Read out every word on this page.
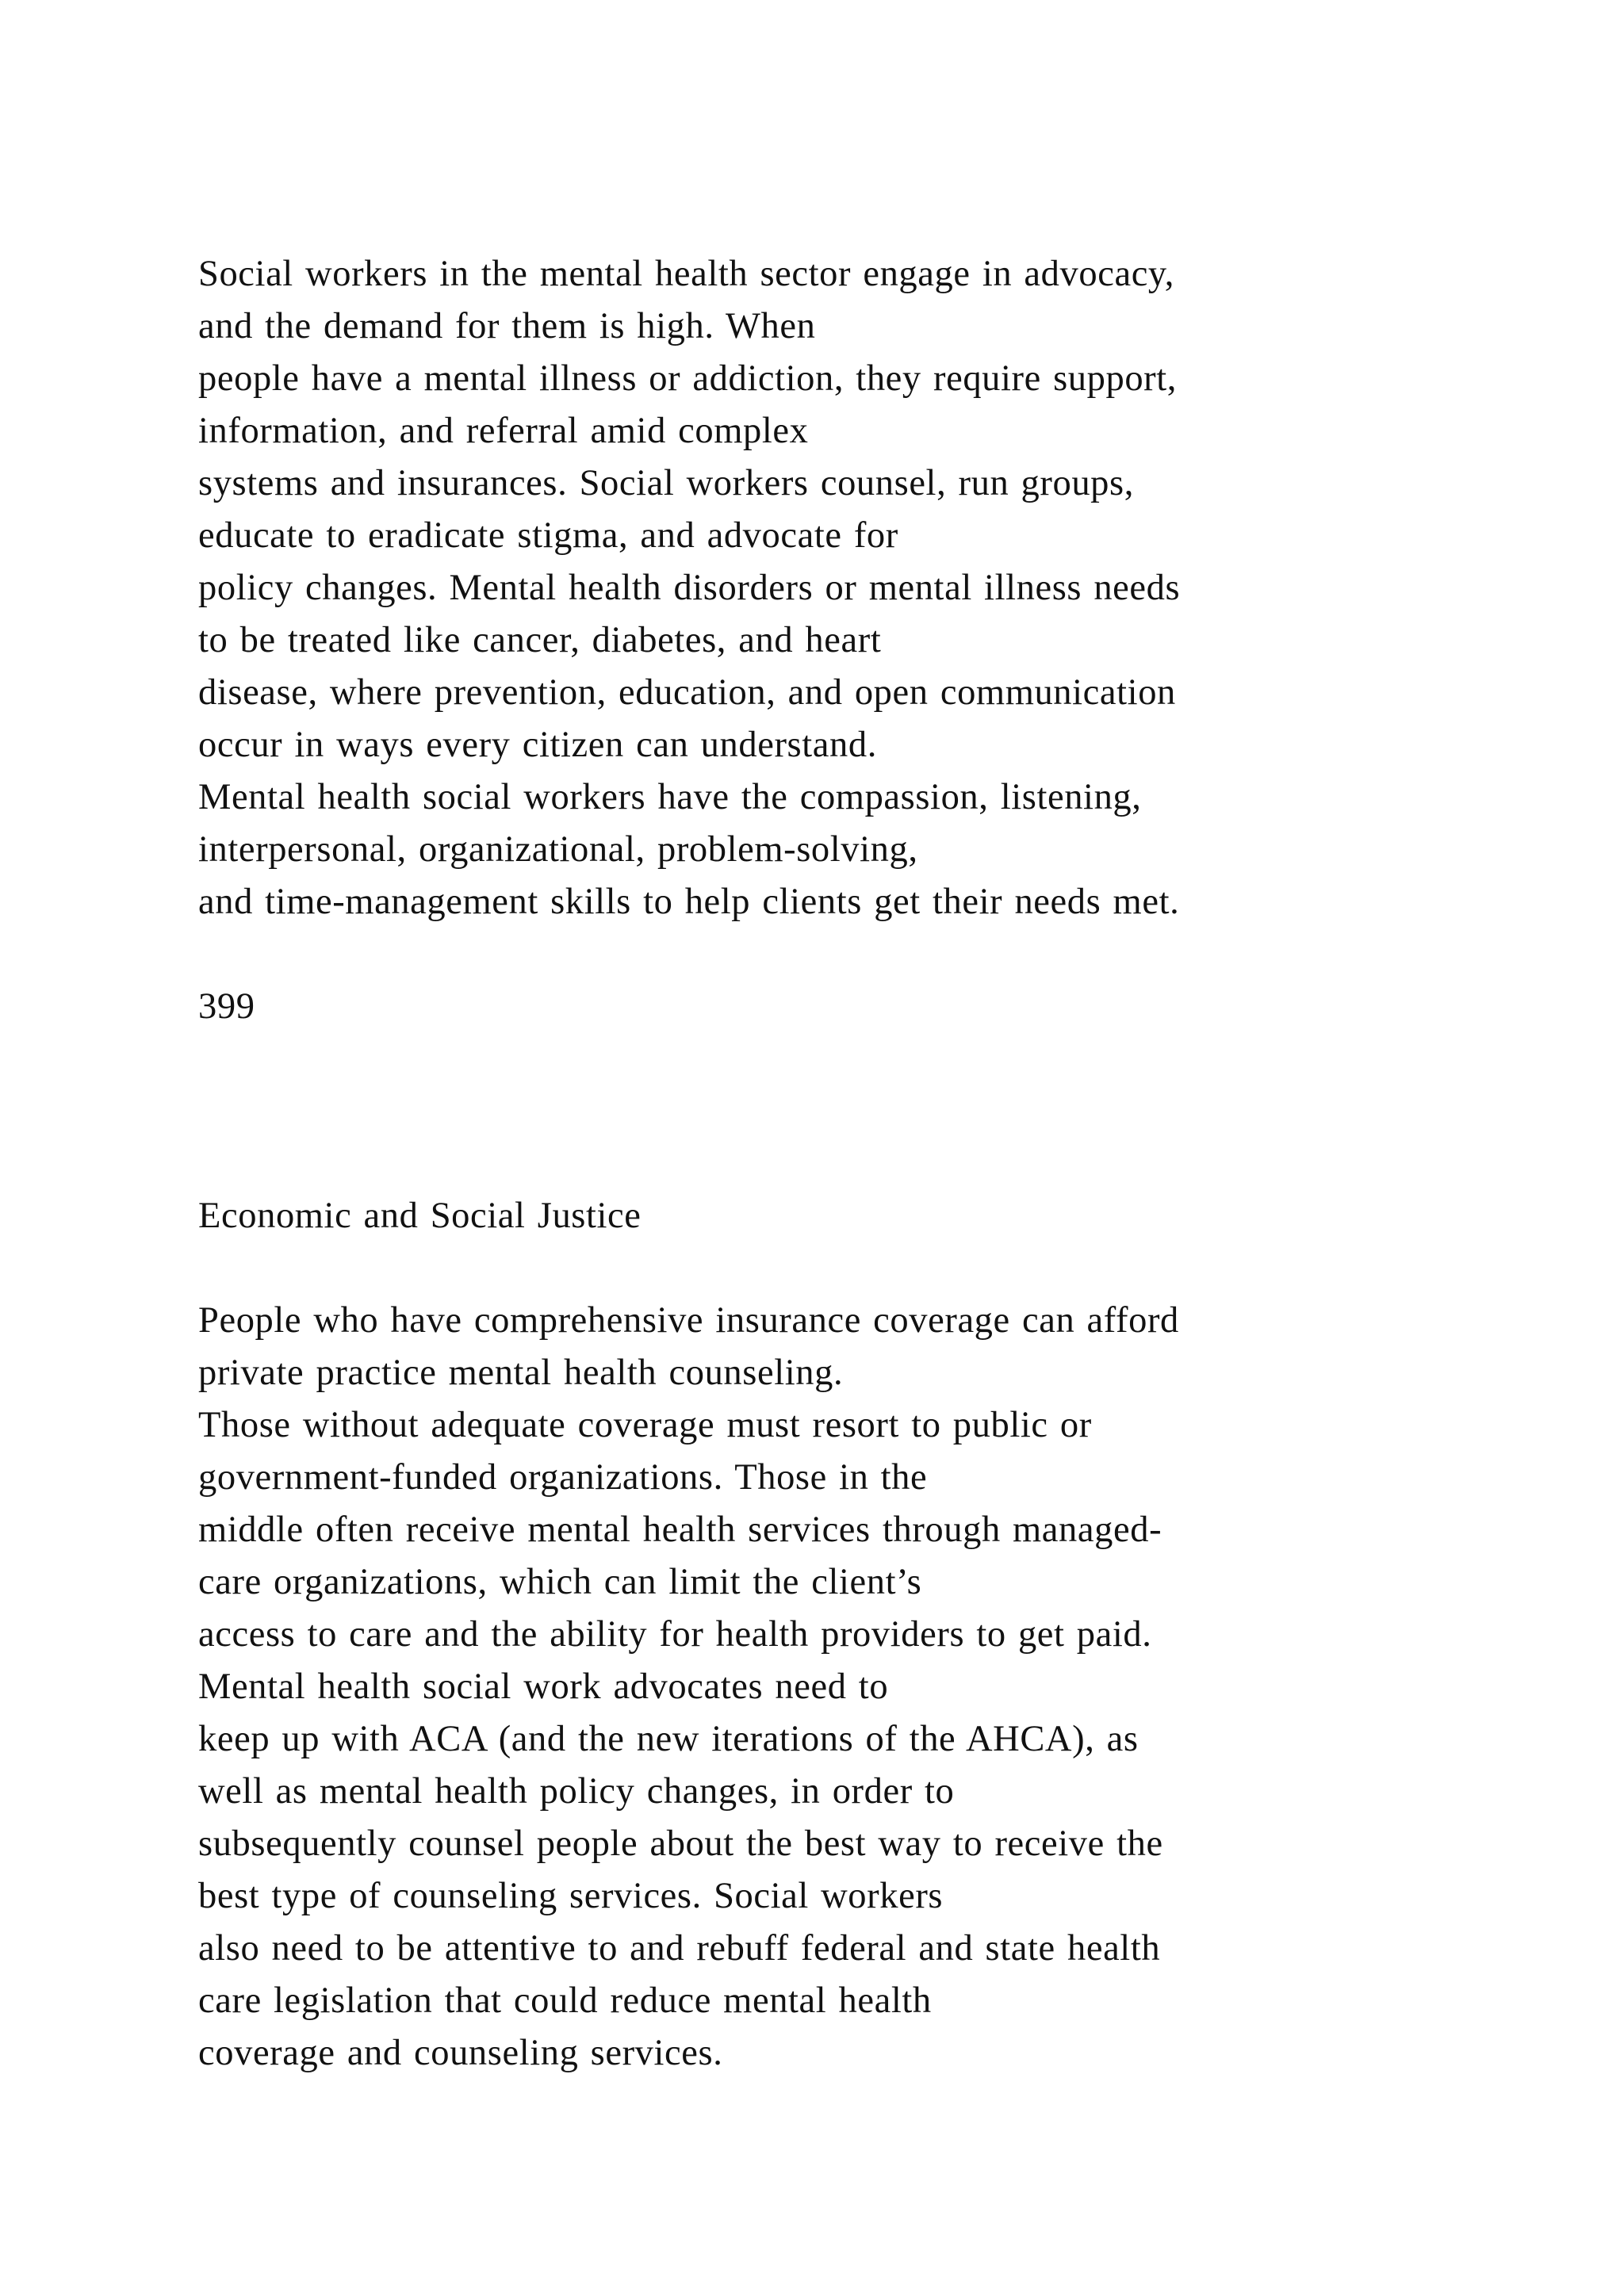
Social workers in the mental health sector engage in advocacy,
and the demand for them is high. When
people have a mental illness or addiction, they require support,
information, and referral amid complex
systems and insurances. Social workers counsel, run groups,
educate to eradicate stigma, and advocate for
policy changes. Mental health disorders or mental illness needs
to be treated like cancer, diabetes, and heart
disease, where prevention, education, and open communication
occur in ways every citizen can understand.
Mental health social workers have the compassion, listening,
interpersonal, organizational, problem-solving,
and time-management skills to help clients get their needs met.
399
Economic and Social Justice
People who have comprehensive insurance coverage can afford
private practice mental health counseling.
Those without adequate coverage must resort to public or
government-funded organizations. Those in the
middle often receive mental health services through managed-
care organizations, which can limit the client’s
access to care and the ability for health providers to get paid.
Mental health social work advocates need to
keep up with ACA (and the new iterations of the AHCA), as
well as mental health policy changes, in order to
subsequently counsel people about the best way to receive the
best type of counseling services. Social workers
also need to be attentive to and rebuff federal and state health
care legislation that could reduce mental health
coverage and counseling services.
